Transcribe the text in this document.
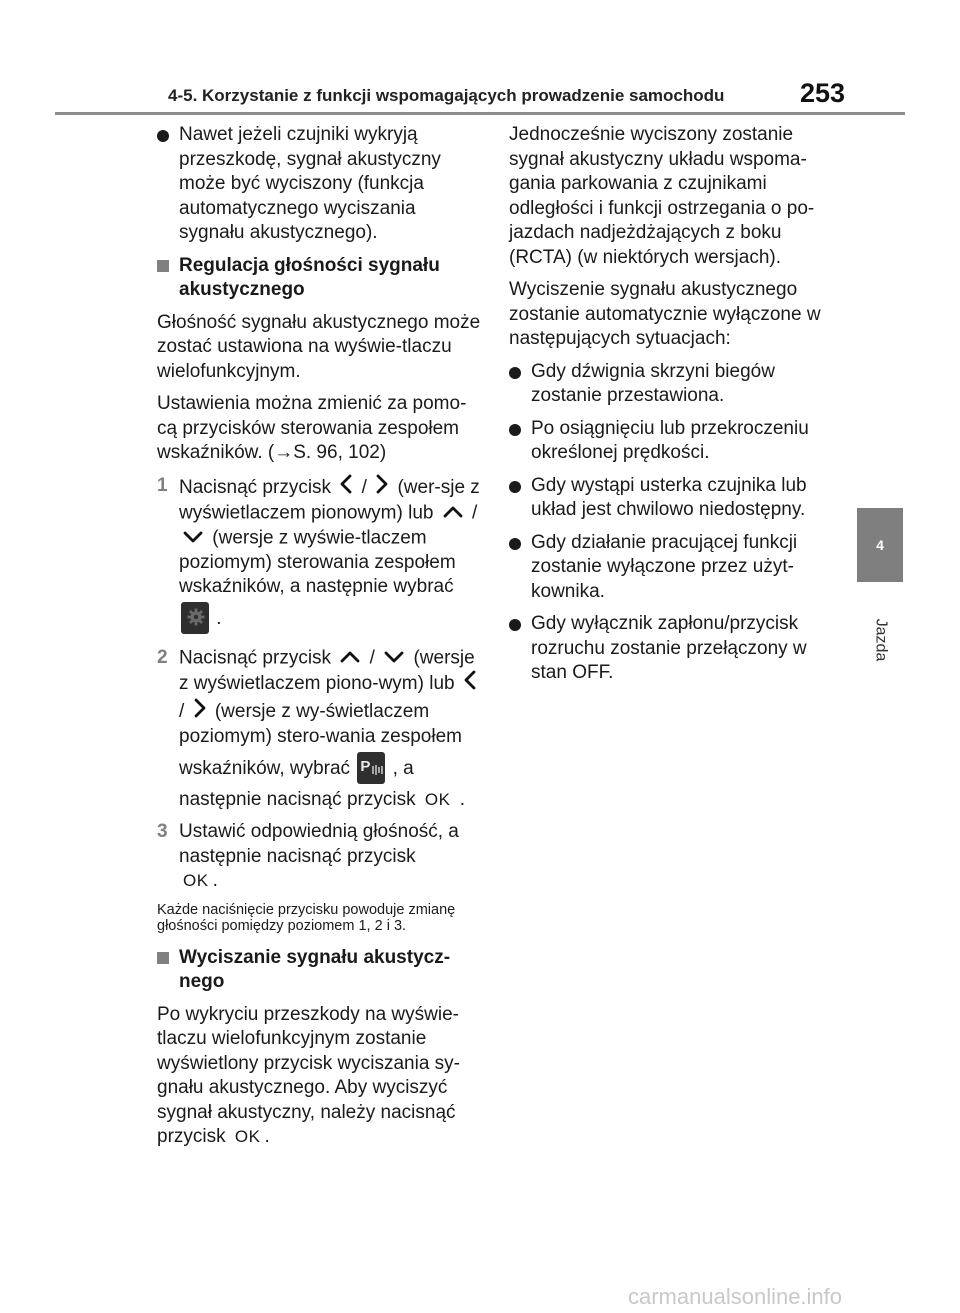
4-5. Korzystanie z funkcji wspomagających prowadzenie samochodu	253
4
Jazda
Nawet jeżeli czujniki wykryją przeszkodę, sygnał akustyczny może być wyciszony (funkcja automatycznego wyciszania sygnału akustycznego).
Regulacja głośności sygnału akustycznego

Głośność sygnału akustycznego może zostać ustawiona na wyświe-tlaczu wielofunkcyjnym.

Ustawienia można zmienić za pomo-cą przycisków sterowania zespołem wskaźników. (→S. 96, 102)

1 Nacisnąć przycisk / (wer-sje z wyświetlaczem pionowym) lub /  (wersje z wyświe-tlaczem poziomym) sterowania zespołem wskaźników, a następnie wybrać
.
2 Nacisnąć przycisk / (wersje z wyświetlaczem piono-wym) lub  / (wersje z wy-świetlaczem poziomym) stero-wania zespołem wskaźników, wybrać P , a następnie nacisnąć przycisk OK .
3 Ustawić odpowiednią głośność, a następnie nacisnąć przycisk
OK .

Każde naciśnięcie przycisku powoduje zmianę głośności pomiędzy poziomem 1, 2 i 3.

Wyciszanie sygnału akustycz-nego

Po wykryciu przeszkody na wyświe-tlaczu wielofunkcyjnym zostanie wyświetlony przycisk wyciszania sy-gnału akustycznego. Aby wyciszyć sygnał akustyczny, należy nacisnąć przycisk OK .

Jednocześnie wyciszony zostanie sygnał akustyczny układu wspoma-gania parkowania z czujnikami odległości i funkcji ostrzegania o po-jazdach nadjeżdżających z boku (RCTA) (w niektórych wersjach).

Wyciszenie sygnału akustycznego zostanie automatycznie wyłączone w następujących sytuacjach:

Gdy dźwignia skrzyni biegów zostanie przestawiona.
Po osiągnięciu lub przekroczeniu określonej prędkości.
Gdy wystąpi usterka czujnika lub układ jest chwilowo niedostępny.
Gdy działanie pracującej funkcji zostanie wyłączone przez użyt-kownika.
Gdy wyłącznik zapłonu/przycisk rozruchu zostanie przełączony w stan OFF.
carmanualsonline.info
